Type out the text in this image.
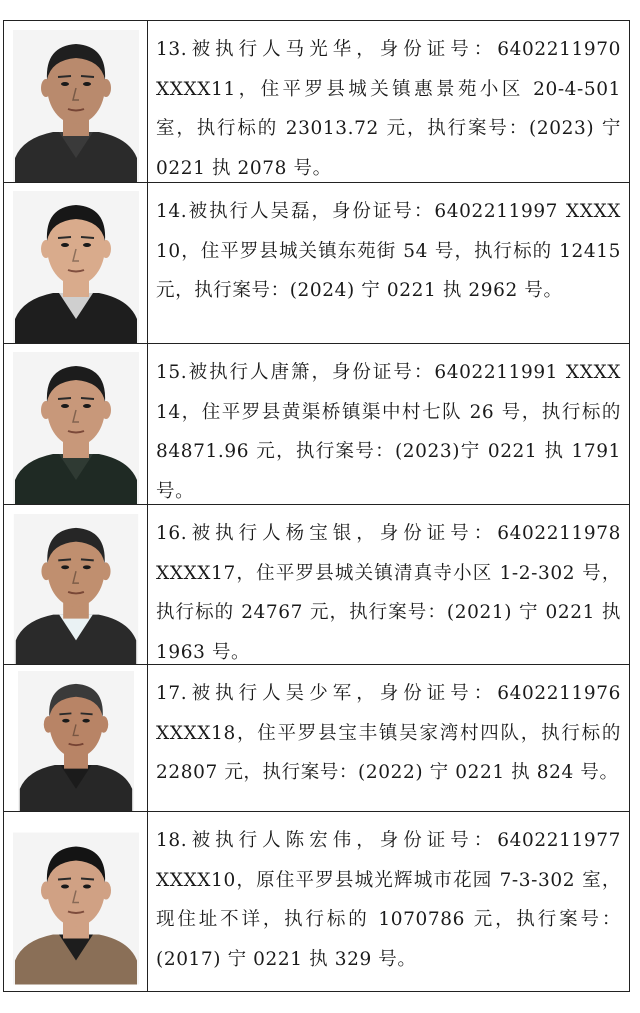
13.被执行人马光华，身份证号：6402211970 XXXX11，住平罗县城关镇惠景苑小区 20-4-501 室，执行标的 23013.72 元，执行案号：(2023) 宁 0221 执 2078 号。
14.被执行人吴磊，身份证号：6402211997 XXXX 10，住平罗县城关镇东苑街 54 号，执行标的 12415 元，执行案号：(2024) 宁 0221 执 2962 号。
15.被执行人唐箫，身份证号：6402211991 XXXX 14，住平罗县黄渠桥镇渠中村七队 26 号，执行标的 84871.96 元，执行案号：(2023)宁 0221 执 1791 号。
16.被执行人杨宝银，身份证号：6402211978 XXXX17，住平罗县城关镇清真寺小区 1-2-302 号，执行标的 24767 元，执行案号：(2021) 宁 0221 执 1963 号。
17.被执行人吴少军，身份证号：6402211976 XXXX18，住平罗县宝丰镇吴家湾村四队，执行标的 22807 元，执行案号：(2022) 宁 0221 执 824 号。
18.被执行人陈宏伟，身份证号：6402211977 XXXX10，原住平罗县城光辉城市花园 7-3-302 室，现住址不详，执行标的 1070786 元，执行案号：(2017) 宁 0221 执 329 号。
